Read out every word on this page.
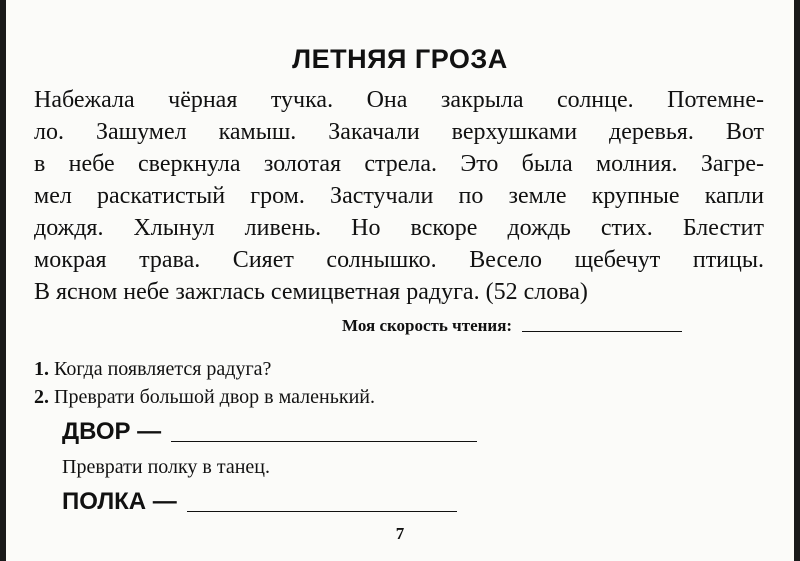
ЛЕТНЯЯ ГРОЗА
Набежала чёрная тучка. Она закрыла солнце. Потемне-
ло. Зашумел камыш. Закачали верхушками деревья. Вот
в небе сверкнула золотая стрела. Это была молния. Загре-
мел раскатистый гром. Застучали по земле крупные капли
дождя. Хлынул ливень. Но вскоре дождь стих. Блестит
мокрая трава. Сияет солнышко. Весело щебечут птицы.
В ясном небе зажглась семицветная радуга. (52 слова)
Моя скорость чтения:
1. Когда появляется радуга?
2. Преврати большой двор в маленький.
ДВОР —
Преврати полку в танец.
ПОЛКА —
7
